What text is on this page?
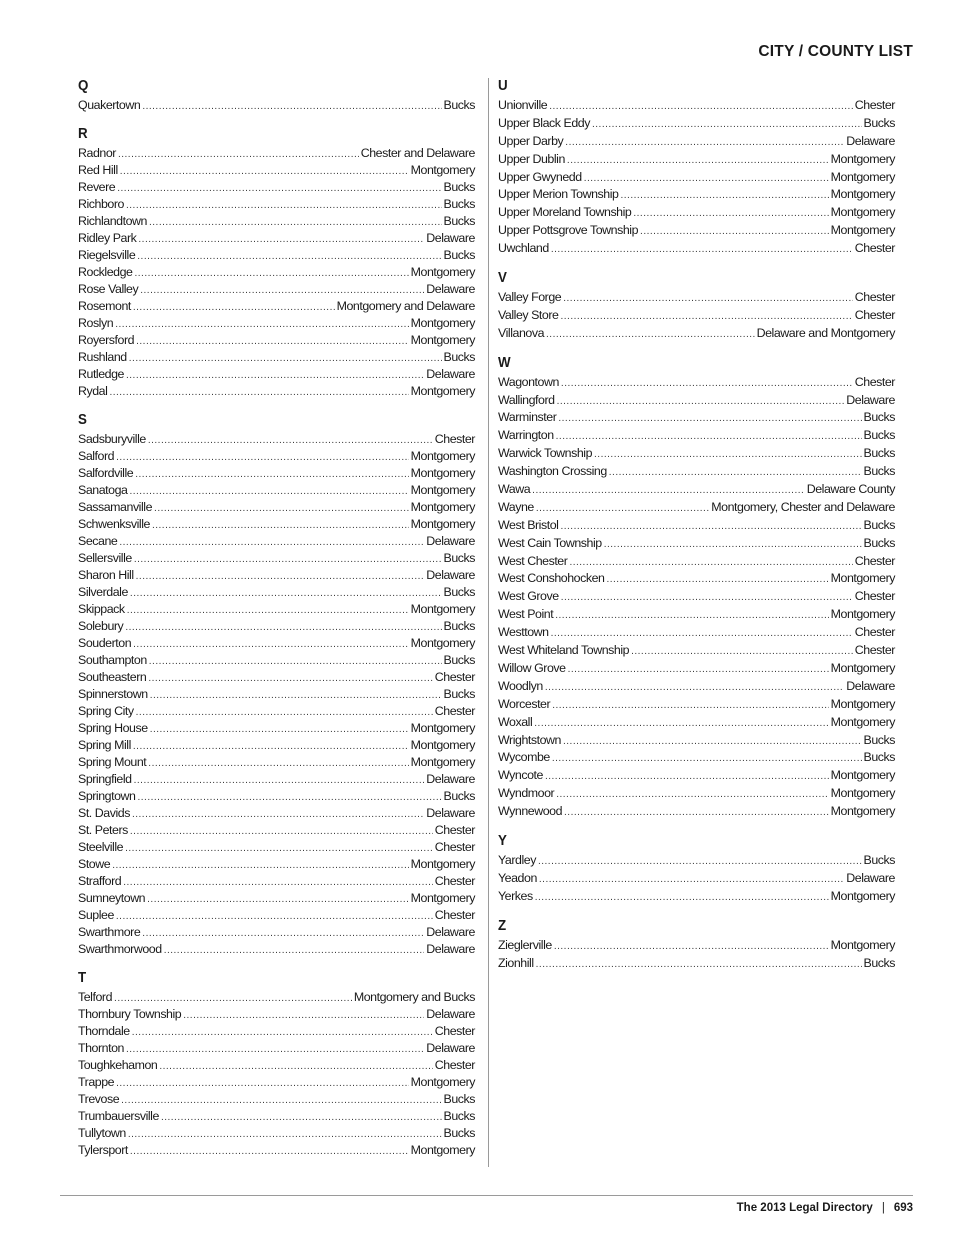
CITY / COUNTY LIST
Q
Quakertown .....	Bucks
R
Radnor .....	Chester and Delaware
Red Hill .....	Montgomery
Revere .....	Bucks
Richboro .....	Bucks
Richlandtown .....	Bucks
Ridley Park .....	Delaware
Riegelsville .....	Bucks
Rockledge .....	Montgomery
Rose Valley .....	Delaware
Rosemont .....	Montgomery and Delaware
Roslyn .....	Montgomery
Royersford .....	Montgomery
Rushland .....	Bucks
Rutledge .....	Delaware
Rydal .....	Montgomery
S
Sadsburyville .....	Chester
Salford .....	Montgomery
Salfordville .....	Montgomery
Sanatoga .....	Montgomery
Sassamanville .....	Montgomery
Schwenksville .....	Montgomery
Secane .....	Delaware
Sellersville .....	Bucks
Sharon Hill .....	Delaware
Silverdale .....	Bucks
Skippack .....	Montgomery
Solebury .....	Bucks
Souderton .....	Montgomery
Southampton .....	Bucks
Southeastern .....	Chester
Spinnerstown .....	Bucks
Spring City .....	Chester
Spring House .....	Montgomery
Spring Mill .....	Montgomery
Spring Mount .....	Montgomery
Springfield .....	Delaware
Springtown .....	Bucks
St. Davids .....	Delaware
St. Peters .....	Chester
Steelville .....	Chester
Stowe .....	Montgomery
Strafford .....	Chester
Sumneytown .....	Montgomery
Suplee .....	Chester
Swarthmore .....	Delaware
Swarthmorwood .....	Delaware
T
Telford .....	Montgomery and Bucks
Thornbury Township .....	Delaware
Thorndale .....	Chester
Thornton .....	Delaware
Toughkehamon .....	Chester
Trappe .....	Montgomery
Trevose .....	Bucks
Trumbauersville .....	Bucks
Tullytown .....	Bucks
Tylersport .....	Montgomery
U
Unionville .....	Chester
Upper Black Eddy .....	Bucks
Upper Darby .....	Delaware
Upper Dublin .....	Montgomery
Upper Gwynedd .....	Montgomery
Upper Merion Township .....	Montgomery
Upper Moreland Township .....	Montgomery
Upper Pottsgrove Township .....	Montgomery
Uwchland .....	Chester
V
Valley Forge .....	Chester
Valley Store .....	Chester
Villanova .....	Delaware and Montgomery
W
Wagontown .....	Chester
Wallingford .....	Delaware
Warminster .....	Bucks
Warrington .....	Bucks
Warwick Township .....	Bucks
Washington Crossing .....	Bucks
Wawa .....	Delaware County
Wayne .....	Montgomery, Chester and Delaware
West Bristol .....	Bucks
West Cain Township .....	Bucks
West Chester .....	Chester
West Conshohocken .....	Montgomery
West Grove .....	Chester
West Point .....	Montgomery
Westtown .....	Chester
West Whiteland Township .....	Chester
Willow Grove .....	Montgomery
Woodlyn .....	Delaware
Worcester .....	Montgomery
Woxall .....	Montgomery
Wrightstown .....	Bucks
Wycombe .....	Bucks
Wyncote .....	Montgomery
Wyndmoor .....	Montgomery
Wynnewood .....	Montgomery
Y
Yardley .....	Bucks
Yeadon .....	Delaware
Yerkes .....	Montgomery
Z
Zieglerville .....	Montgomery
Zionhill .....	Bucks
The 2013 Legal Directory | 693
